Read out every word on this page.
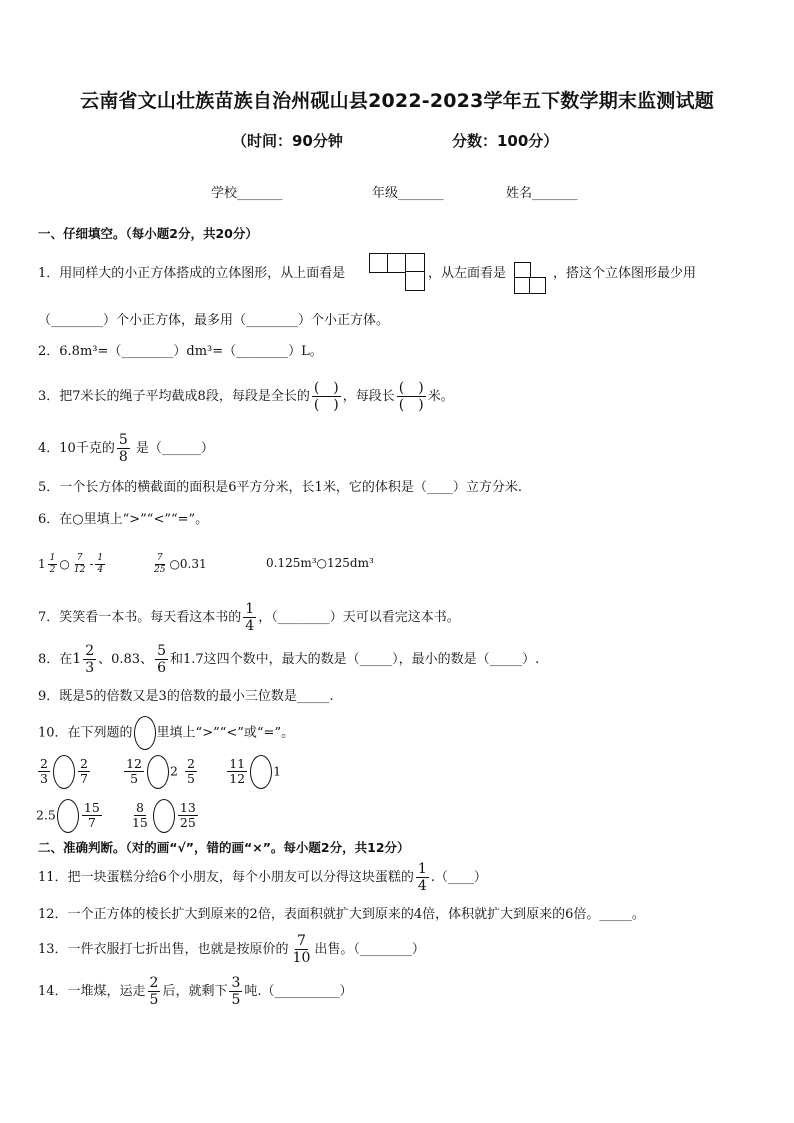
云南省文山壮族苗族自治州砚山县2022-2023学年五下数学期末监测试题
（时间：90分钟	分数：100分）
学校_______	年级_______	姓名_______
一、仔细填空。（每小题2分，共20分）
1．用同样大的小正方体搭成的立体图形，从上面看是	，从左面看是	，搭这个立体图形最少用
（________）个小正方体，最多用（________）个小正方体。
2．6.8m³=（________）dm³=（________）L。
3．把7米长的绳子平均截成8段，每段是全长的 $\frac{( )}{( )}$ ，每段长 $\frac{( )}{( )}$ 米。
4．10千克的 $\frac{5}{8}$ 是（______）
5．一个长方体的横截面的面积是6平方分米，长1米，它的体积是（____）立方分米.
6．在○里填上“>”“<”“=”。
$1 \frac{1}{2}$ ○ $\frac{7}{12} - \frac{1}{4}$	$\frac{7}{25}$ ○0.31	0.125m³○125dm³
7．笑笑看一本书。每天看这本书的 $\frac{1}{4}$ ，（________）天可以看完这本书。
8．在$1 \frac{2}{3}$ 、0.83、 $\frac{5}{6}$ 和1.7这四个数中，最大的数是（_____），最小的数是（_____）.
9．既是5的倍数又是3的倍数的最小三位数是_____.
10．在下列题的 里填上“>”“<”或“=”。
$\frac{2}{3} \frac{2}{7}$
	$\frac{12}{5} 2 \frac{2}{5}$
$\frac{11}{12} 1$
$2.5 \frac{15}{7}$
$\frac{8}{15} \frac{13}{25}$
二、准确判断。（对的画“√”，错的画“×”。每小题2分，共12分）
11．把一块蛋糕分给6个小朋友，每个小朋友可以分得这块蛋糕的 $\frac{1}{4}$ .（____）
12．一个正方体的棱长扩大到原来的2倍，表面积就扩大到原来的4倍，体积就扩大到原来的6倍。_____。
13．一件衣服打七折出售，也就是按原价的 $\frac{7}{10}$ 出售。（________）
14．一堆煤，运走 $\frac{2}{5}$ 后，就剩下 $\frac{3}{5}$ 吨.（__________）
